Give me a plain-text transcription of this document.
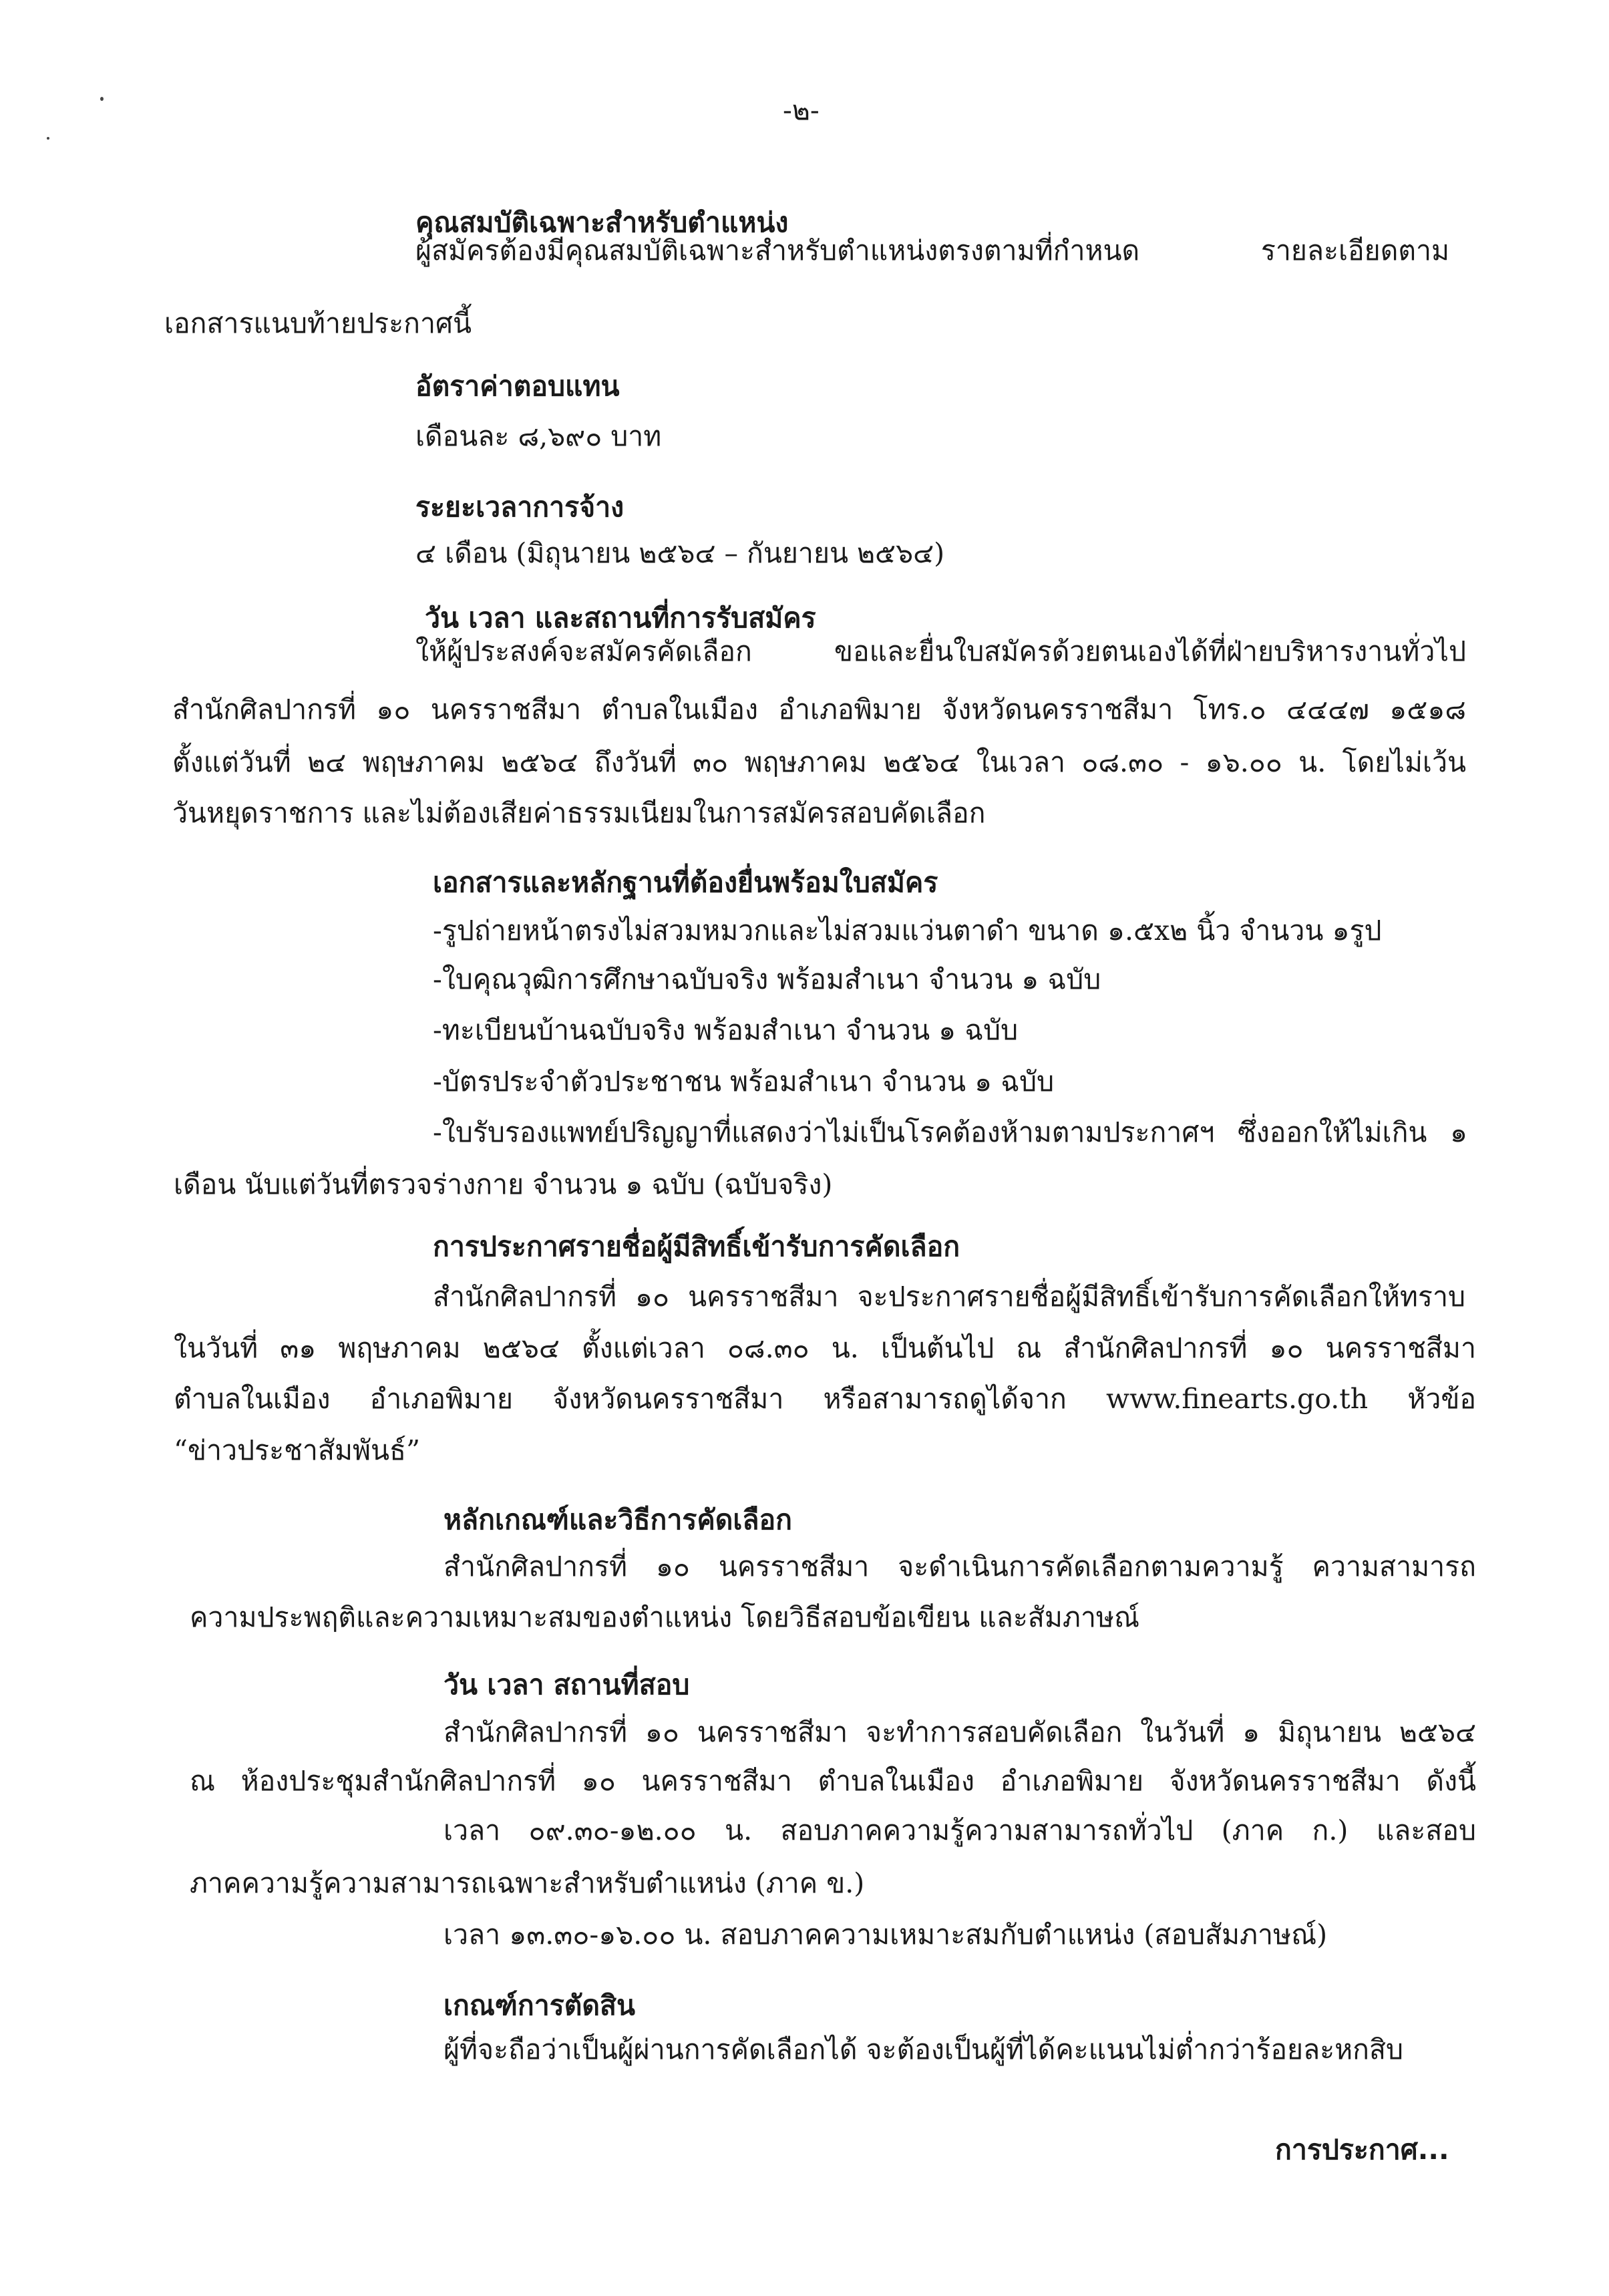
-๒-
คุณสมบัติเฉพาะสำหรับตำแหน่ง
ผู้สมัครต้องมีคุณสมบัติเฉพาะสำหรับตำแหน่งตรงตามที่กำหนด รายละเอียดตาม
เอกสารแนบท้ายประกาศนี้
อัตราค่าตอบแทน
เดือนละ ๘,๖๙๐ บาท
ระยะเวลาการจ้าง
๔ เดือน (มิถุนายน ๒๕๖๔ – กันยายน ๒๕๖๔)
วัน เวลา และสถานที่การรับสมัคร
ให้ผู้ประสงค์จะสมัครคัดเลือก ขอและยื่นใบสมัครด้วยตนเองได้ที่ฝ่ายบริหารงานทั่วไป
สำนักศิลปากรที่ ๑๐ นครราชสีมา ตำบลในเมือง อำเภอพิมาย จังหวัดนครราชสีมา โทร.๐ ๔๔๔๗ ๑๕๑๘
ตั้งแต่วันที่ ๒๔ พฤษภาคม ๒๕๖๔ ถึงวันที่ ๓๐ พฤษภาคม ๒๕๖๔ ในเวลา ๐๘.๓๐ - ๑๖.๐๐ น. โดยไม่เว้น
วันหยุดราชการ และไม่ต้องเสียค่าธรรมเนียมในการสมัครสอบคัดเลือก
เอกสารและหลักฐานที่ต้องยื่นพร้อมใบสมัคร
-รูปถ่ายหน้าตรงไม่สวมหมวกและไม่สวมแว่นตาดำ ขนาด ๑.๕x๒ นิ้ว จำนวน ๑รูป
-ใบคุณวุฒิการศึกษาฉบับจริง พร้อมสำเนา จำนวน ๑ ฉบับ
-ทะเบียนบ้านฉบับจริง พร้อมสำเนา จำนวน ๑ ฉบับ
-บัตรประจำตัวประชาชน พร้อมสำเนา จำนวน ๑ ฉบับ
-ใบรับรองแพทย์ปริญญาที่แสดงว่าไม่เป็นโรคต้องห้ามตามประกาศฯ ซึ่งออกให้ไม่เกิน ๑
เดือน นับแต่วันที่ตรวจร่างกาย จำนวน ๑ ฉบับ (ฉบับจริง)
การประกาศรายชื่อผู้มีสิทธิ์เข้ารับการคัดเลือก
สำนักศิลปากรที่ ๑๐ นครราชสีมา จะประกาศรายชื่อผู้มีสิทธิ์เข้ารับการคัดเลือกให้ทราบ
ในวันที่ ๓๑ พฤษภาคม ๒๕๖๔ ตั้งแต่เวลา ๐๘.๓๐ น. เป็นต้นไป ณ สำนักศิลปากรที่ ๑๐ นครราชสีมา
ตำบลในเมือง อำเภอพิมาย จังหวัดนครราชสีมา หรือสามารถดูได้จาก www.finearts.go.th หัวข้อ
“ข่าวประชาสัมพันธ์”
หลักเกณฑ์และวิธีการคัดเลือก
สำนักศิลปากรที่ ๑๐ นครราชสีมา จะดำเนินการคัดเลือกตามความรู้ ความสามารถ
ความประพฤติและความเหมาะสมของตำแหน่ง โดยวิธีสอบข้อเขียน และสัมภาษณ์
วัน เวลา สถานที่สอบ
สำนักศิลปากรที่ ๑๐ นครราชสีมา จะทำการสอบคัดเลือก ในวันที่ ๑ มิถุนายน ๒๕๖๔
ณ ห้องประชุมสำนักศิลปากรที่ ๑๐ นครราชสีมา ตำบลในเมือง อำเภอพิมาย จังหวัดนครราชสีมา ดังนี้
เวลา ๐๙.๓๐-๑๒.๐๐ น. สอบภาคความรู้ความสามารถทั่วไป (ภาค ก.) และสอบ
ภาคความรู้ความสามารถเฉพาะสำหรับตำแหน่ง (ภาค ข.)
เวลา ๑๓.๓๐-๑๖.๐๐ น. สอบภาคความเหมาะสมกับตำแหน่ง (สอบสัมภาษณ์)
เกณฑ์การตัดสิน
ผู้ที่จะถือว่าเป็นผู้ผ่านการคัดเลือกได้ จะต้องเป็นผู้ที่ได้คะแนนไม่ต่ำกว่าร้อยละหกสิบ
การประกาศ...
